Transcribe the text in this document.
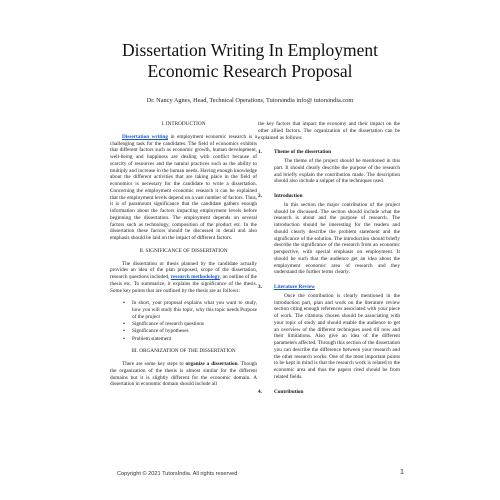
Dissertation Writing In Employment
Economic Research Proposal
Dr. Nancy Agnes, Head, Technical Operations, Tutorsindia info@ tutorsindia.com
I. INTRODUCTION

Dissertation writing in employment economic research is a challenging task for the candidates. The field of economics exhibits that different factors such as economic growth, human development, well-being and happiness are dealing with conflict because of scarcity of resources and the natural practices such as the ability to multiply and increase in the human needs. Having enough knowledge about the different activities that are taking place in the field of economics is necessary for the candidate to write a dissertation. Concerning the employment economic research it can be explained that the employment levels depend on a vast number of factors. Thus, it is of paramount significance that the candidate gathers enough information about the factors impacting employment levels before beginning the dissertation. The employment depends on several factors such as technology, composition of the product etc. In the dissertation these factors should be discussed in detail and also emphasis should be laid on the impact of different factors.

II. SIGNIFICANCE OF DISSERTATION

The dissertation or thesis planned by the candidate actually provides an idea of the plan proposed, scope of the dissertation, research questions included, research methodology, an outline of the thesis etc. To summarize, it explains the significance of the thesis. Some key points that are outlined by the thesis are as follows:

▪ In short, your proposal explains what you want to study, how you will study this topic, why this topic needs Purpose of the project
▪ Significance of research questions
▪ Significance of hypotheses
▪ Problem statement
III. ORGANIZATION OF THE DISSERTATION

There are some key steps to organize a dissertation. Though the organization of the thesis is almost similar for the different domains but it is slightly different for the economic domain. A dissertation in economic domain should include all

the key factors that impact the economy and their impact on the other allied factors. The organization of the dissertation can be explained as follows:

1.	Theme of the dissertation

The theme of the project should be mentioned in this part. It should clearly describe the purpose of the research and briefly explain the contribution made. The description should also include a snippet of the techniques used.

2.	Introduction

In this section the major contribution of the project should be discussed. The section should include what the research is about and the purpose of research. The introduction should be interesting for the readers and should clearly describe the problem statement and the significance of the solution. The introduction should briefly describe the significance of the research from an economic perspective, with special emphasis on employment. It should be such that the audience get an idea about the employment economic area of research and they understand the further terms clearly.

3.	Literature Review

Once the contribution is clearly mentioned in the introduction part, plan and work on the literature review section citing enough references associated with your piece of work. The citations chosen should be associating with your topic of study and should enable the audience to get an overview of the different techniques used till now and their limitations. Also give an idea of the different parameters affected. Through this section of the dissertation you can describe the difference between your research and the other research works. One of the most important points to be kept in mind is that the research work is related to the economic area and thus the papers cited should be from related fields.

4.	Contribution
Copyright © 2021 TutorsIndia. All rights reserved	1
